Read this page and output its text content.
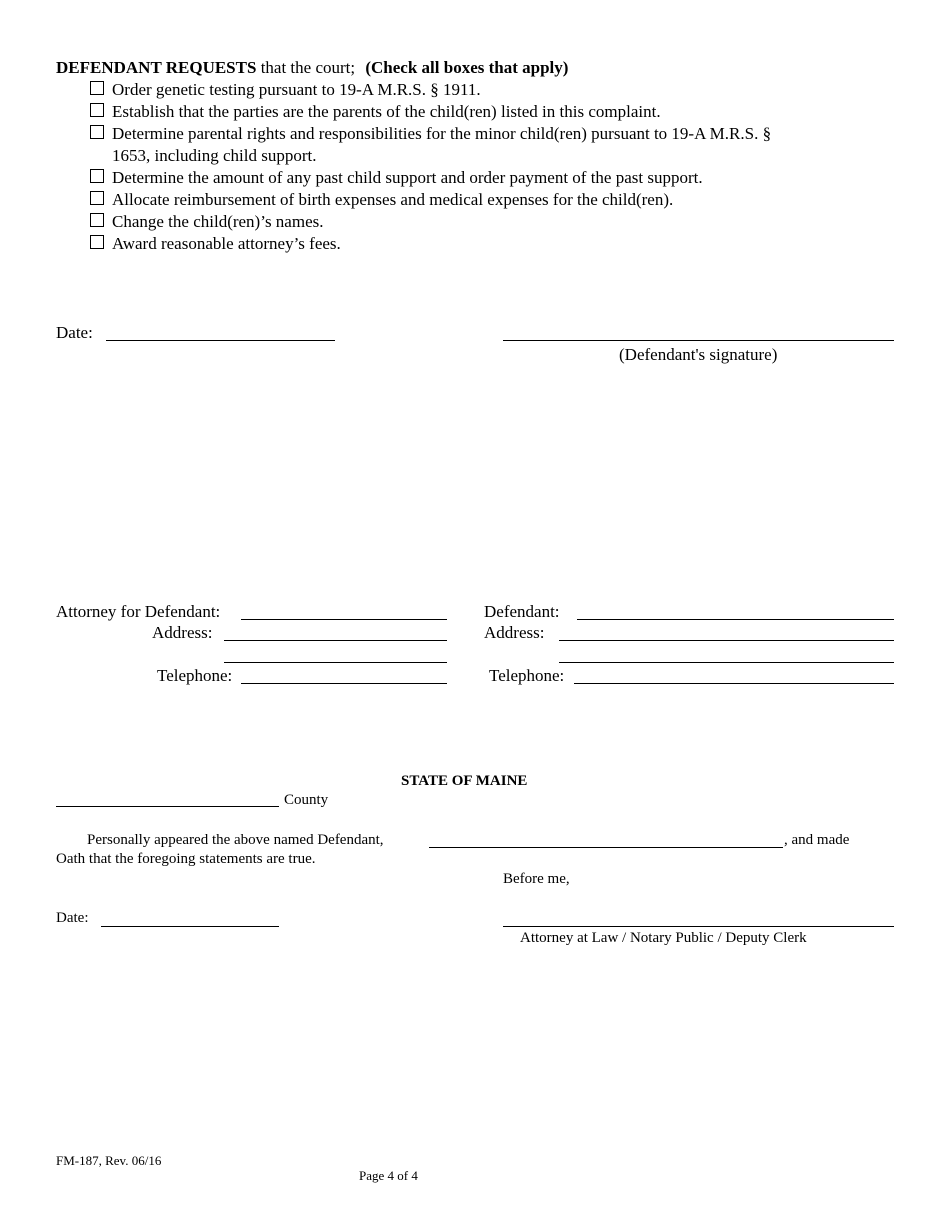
DEFENDANT REQUESTS that the court; (Check all boxes that apply)
Order genetic testing pursuant to 19-A M.R.S. § 1911.
Establish that the parties are the parents of the child(ren) listed in this complaint.
Determine parental rights and responsibilities for the minor child(ren) pursuant to 19-A M.R.S. §
1653, including child support.
Determine the amount of any past child support and order payment of the past support.
Allocate reimbursement of birth expenses and medical expenses for the child(ren).
Change the child(ren)’s names.
Award reasonable attorney’s fees.
Date:
(Defendant's signature)
Attorney for Defendant:
Address:
Telephone:
Defendant:
Address:
Telephone:
STATE OF MAINE
County
Personally appeared the above named Defendant,	, and made
Oath that the foregoing statements are true.
Before me,
Date:
Attorney at Law / Notary Public / Deputy Clerk
FM-187, Rev. 06/16
Page 4 of 4
